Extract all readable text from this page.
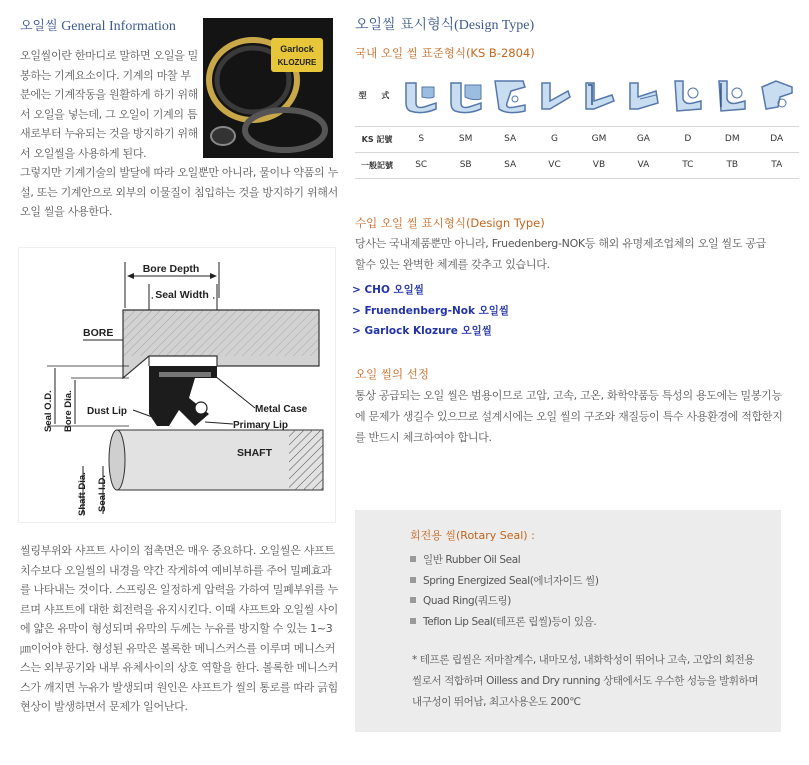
오일씰 General Information

오일씰이란 한마디로 말하면 오일을 밀봉하는 기계요소이다. 기계의 마찰 부분에는 기계작동을 원활하게 하기 위해서 오일을 넣는데, 그 오일이 기계의 틈새로부터 누유되는 것을 방지하기 위해서 오일씰을 사용하게 된다.

Garlock
KLOZURE

그렇지만 기계기술의 발달에 따라 오일뿐만 아니라, 물이나 약품의 누설, 또는 기계안으로 외부의 이물질이 침입하는 것을 방지하기 위해서 오일 씰을 사용한다.

Bore Depth
Seal Width
BORE
SHAFT
Dust Lip	Metal Case
Primary Lip
Seal O.D. Bore Dia.
Shaft Dia. Seal I.D.

씰링부위와 샤프트 사이의 접촉면은 매우 중요하다. 오일씰은 샤프트 치수보다 오일씰의 내경을 약간 작게하여 예비부하를 주어 밀폐효과를 나타내는 것이다. 스프링은 일정하게 압력을 가하여 밀폐부위를 누르며 샤프트에 대한 회전력을 유지시킨다. 이때 샤프트와 오일씰 사이에 얇은 유막이 형성되며 유막의 두께는 누유를 방지할 수 있는 1~3 ㎛이어야 한다. 형성된 유막은 볼록한 메니스커스를 이루며 메니스커스는 외부공기와 내부 유체사이의 상호 역할을 한다. 볼록한 메니스커스가 깨지면 누유가 발생되며 원인은 샤프트가 씰의 통로를 따라 긁힘현상이 발생하면서 문제가 일어난다.

오일씰 표시형식(Design Type)
국내 오일 씰 표준형식(KS B-2804)
型 式	

KS 記號	S	SM	SA	G	GM	GA	D	DM	DA
一般記號	SC	SB	SA	VC	VB	VA	TC	TB	TA
수입 오일 씰 표시형식(Design Type)

당사는 국내제품뿐만 아니라, Fruedenberg-NOK등 해외 유명제조업체의 오일 씰도 공급할수 있는 완벽한 체계를 갖추고 있습니다.

> CHO 오일씰
> Fruendenberg-Nok 오일씰
> Garlock Klozure 오일씰
오일 씰의 선정

통상 공급되는 오일 씰은 범용이므로 고압, 고속, 고온, 화학약품등 특성의 용도에는 밀봉기능에 문제가 생길수 있으므로 설계시에는 오일 씰의 구조와 재질등이 특수 사용환경에 적합한지를 반드시 체크하여야 합니다.

회전용 씰(Rotary Seal) :
일반 Rubber Oil Seal
Spring Energized Seal(에너자이드 씰)
Quad Ring(쿼드링)
Teflon Lip Seal(테프론 립씰)등이 있음.

* 테프론 립씰은 저마찰계수, 내마모성, 내화학성이 뛰어나 고속, 고압의 회전용씰로서 적합하며 Oilless and Dry running 상태에서도 우수한 성능을 발휘하며 내구성이 뛰어남, 최고사용온도 200℃
